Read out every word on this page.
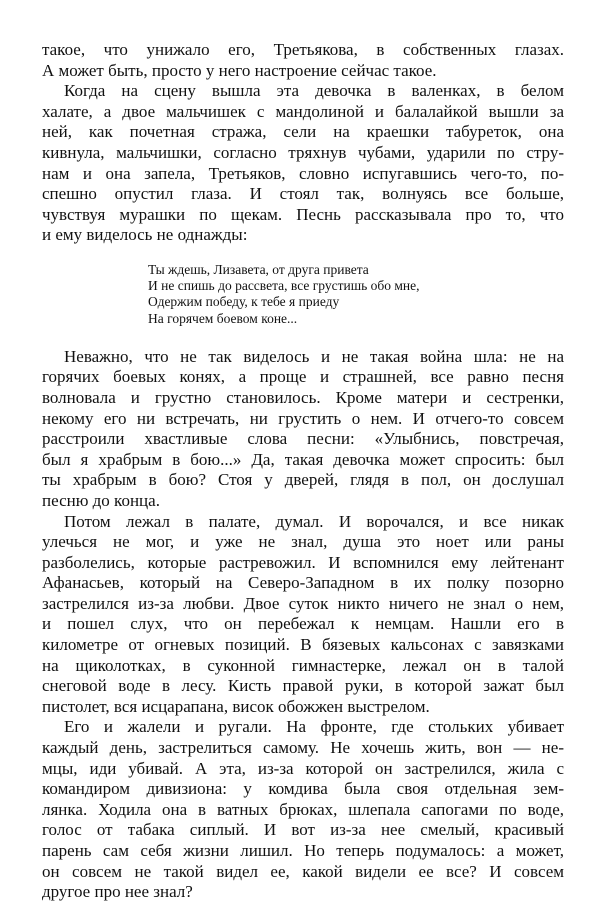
такое, что унижало его, Третьякова, в собственных глазах.
А может быть, просто у него настроение сейчас такое.
Когда на сцену вышла эта девочка в валенках, в белом
халате, а двое мальчишек с мандолиной и балалайкой вышли за
ней, как почетная стража, сели на краешки табуреток, она
кивнула, мальчишки, согласно тряхнув чубами, ударили по стру-
нам и она запела, Третьяков, словно испугавшись чего-то, по-
спешно опустил глаза. И стоял так, волнуясь все больше,
чувствуя мурашки по щекам. Песнь рассказывала про то, что
и ему виделось не однажды:
Ты ждешь, Лизавета, от друга привета
И не спишь до рассвета, все грустишь обо мне,
Одержим победу, к тебе я приеду
На горячем боевом коне...
Неважно, что не так виделось и не такая война шла: не на
горячих боевых конях, а проще и страшней, все равно песня
волновала и грустно становилось. Кроме матери и сестренки,
некому его ни встречать, ни грустить о нем. И отчего-то совсем
расстроили хвастливые слова песни: «Улыбнись, повстречая,
был я храбрым в бою...» Да, такая девочка может спросить: был
ты храбрым в бою? Стоя у дверей, глядя в пол, он дослушал
песню до конца.
Потом лежал в палате, думал. И ворочался, и все никак
улечься не мог, и уже не знал, душа это ноет или раны
разболелись, которые растревожил. И вспомнился ему лейтенант
Афанасьев, который на Северо-Западном в их полку позорно
застрелился из-за любви. Двое суток никто ничего не знал о нем,
и пошел слух, что он перебежал к немцам. Нашли его в
километре от огневых позиций. В бязевых кальсонах с завязками
на щиколотках, в суконной гимнастерке, лежал он в талой
снеговой воде в лесу. Кисть правой руки, в которой зажат был
пистолет, вся исцарапана, висок обожжен выстрелом.
Его и жалели и ругали. На фронте, где стольких убивает
каждый день, застрелиться самому. Не хочешь жить, вон — не-
мцы, иди убивай. А эта, из-за которой он застрелился, жила с
командиром дивизиона: у комдива была своя отдельная зем-
лянка. Ходила она в ватных брюках, шлепала сапогами по воде,
голос от табака сиплый. И вот из-за нее смелый, красивый
парень сам себя жизни лишил. Но теперь подумалось: а может,
он совсем не такой видел ее, какой видели ее все? И совсем
другое про нее знал?
